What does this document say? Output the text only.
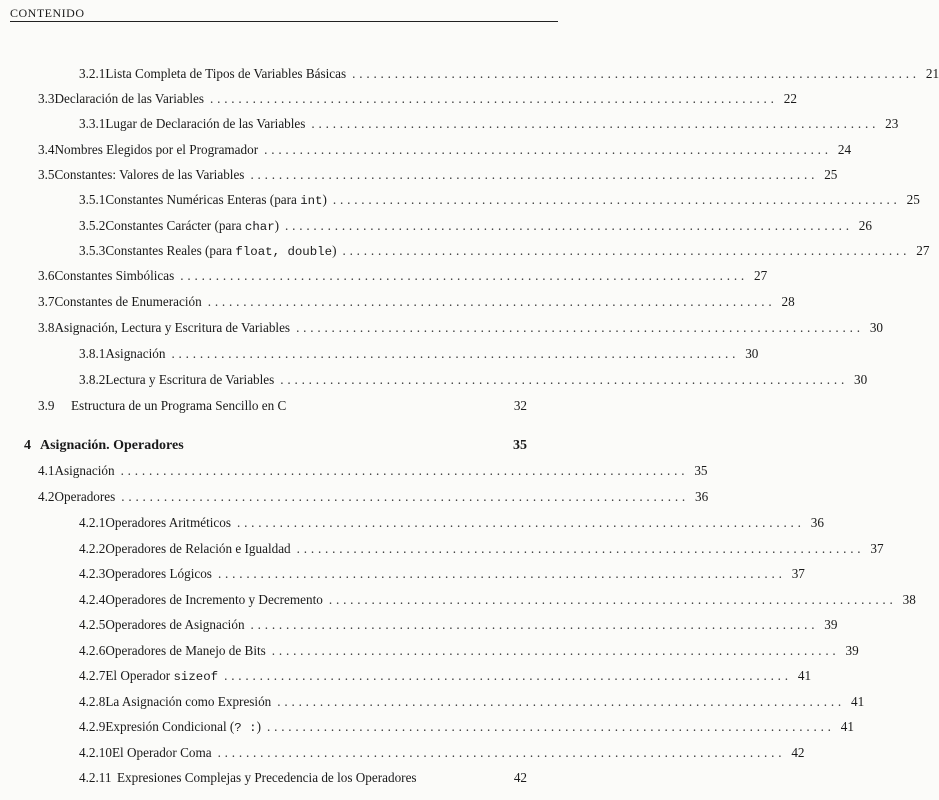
CONTENIDO
3.2.1 Lista Completa de Tipos de Variables Básicas ................................................................................ 21
3.3 Declaración de las Variables ................................................................................ 22
3.3.1 Lugar de Declaración de las Variables ................................................................................ 23
3.4 Nombres Elegidos por el Programador ................................................................................ 24
3.5 Constantes: Valores de las Variables ................................................................................ 25
3.5.1 Constantes Numéricas Enteras (para int) ................................................................................ 25
3.5.2 Constantes Carácter (para char) ................................................................................ 26
3.5.3 Constantes Reales (para float, double) ................................................................................ 27
3.6 Constantes Simbólicas ................................................................................ 27
3.7 Constantes de Enumeración ................................................................................ 28
3.8 Asignación, Lectura y Escritura de Variables ................................................................................ 30
3.8.1 Asignación ................................................................................ 30
3.8.2 Lectura y Escritura de Variables ................................................................................ 30
3.9	Estructura de un Programa Sencillo en C	32
4 Asignación. Operadores	35
4.1 Asignación ................................................................................ 35
4.2 Operadores ................................................................................ 36
4.2.1 Operadores Aritméticos ................................................................................ 36
4.2.2 Operadores de Relación e Igualdad ................................................................................ 37
4.2.3 Operadores Lógicos ................................................................................ 37
4.2.4 Operadores de Incremento y Decremento ................................................................................ 38
4.2.5 Operadores de Asignación ................................................................................ 39
4.2.6 Operadores de Manejo de Bits ................................................................................ 39
4.2.7 El Operador sizeof ................................................................................ 41
4.2.8 La Asignación como Expresión ................................................................................ 41
4.2.9 Expresión Condicional (? :) ................................................................................ 41
4.2.10 El Operador Coma ................................................................................ 42
4.2.11 Expresiones Complejas y Precedencia de los Operadores	42
